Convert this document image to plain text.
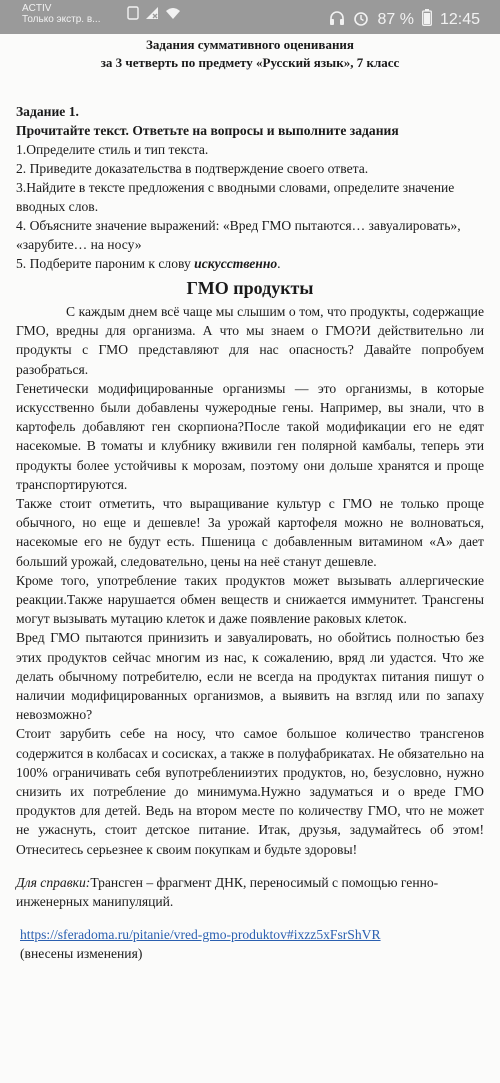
ACTIV
Только экстр. в...	87 % 12:45

Задания суммативного оценивания

за 3 четверть по предмету «Русский язык», 7 класс

Задание 1.

Прочитайте текст. Ответьте на вопросы и выполните задания

1.Определите стиль и тип текста.

2. Приведите доказательства в подтверждение своего ответа.

3.Найдите в тексте предложения с вводными словами, определите значение вводных слов.

4. Объясните значение выражений: «Вред ГМО пытаются… завуалировать», «зарубите… на носу»

5. Подберите пароним к слову искусственно.

ГМО продукты

С каждым днем всё чаще мы слышим о том, что продукты, содержащие ГМО, вредны для организма. А что мы знаем о ГМО?И действительно ли продукты с ГМО представляют для нас опасность? Давайте попробуем разобраться.

Генетически модифицированные организмы — это организмы, в которые искусственно были добавлены чужеродные гены. Например, вы знали, что в картофель добавляют ген скорпиона?После такой модификации его не едят насекомые. В томаты и клубнику вживили ген полярной камбалы, теперь эти продукты более устойчивы к морозам, поэтому они дольше хранятся и проще транспортируются.

Также стоит отметить, что выращивание культур с ГМО не только проще обычного, но еще и дешевле! За урожай картофеля можно не волноваться, насекомые его не будут есть. Пшеница с добавленным витамином «А» дает больший урожай, следовательно, цены на неё станут дешевле.

Кроме того, употребление таких продуктов может вызывать аллергические реакции.Также нарушается обмен веществ и снижается иммунитет. Трансгены могут вызывать мутацию клеток и даже появление раковых клеток.

Вред ГМО пытаются принизить и завуалировать, но обойтись полностью без этих продуктов сейчас многим из нас, к сожалению, вряд ли удастся. Что же делать обычному потребителю, если не всегда на продуктах питания пишут о наличии модифицированных организмов, а выявить на взгляд или по запаху невозможно?

Стоит зарубить себе на носу, что самое большое количество трансгенов содержится в колбасах и сосисках, а также в полуфабрикатах. Не обязательно на 100% ограничивать себя вупотребленииэтих продуктов, но, безусловно, нужно снизить их потребление до минимума.Нужно задуматься и о вреде ГМО продуктов для детей. Ведь на втором месте по количеству ГМО, что не может не ужаснуть, стоит детское питание. Итак, друзья, задумайтесь об этом! Отнеситесь серьезнее к своим покупкам и будьте здоровы!

Для справки:Трансген – фрагмент ДНК, переносимый с помощью генно-инженерных манипуляций.
https://sferadoma.ru/pitanie/vred-gmo-produktov#ixzz5xFsrShVR
(внесены изменения)
